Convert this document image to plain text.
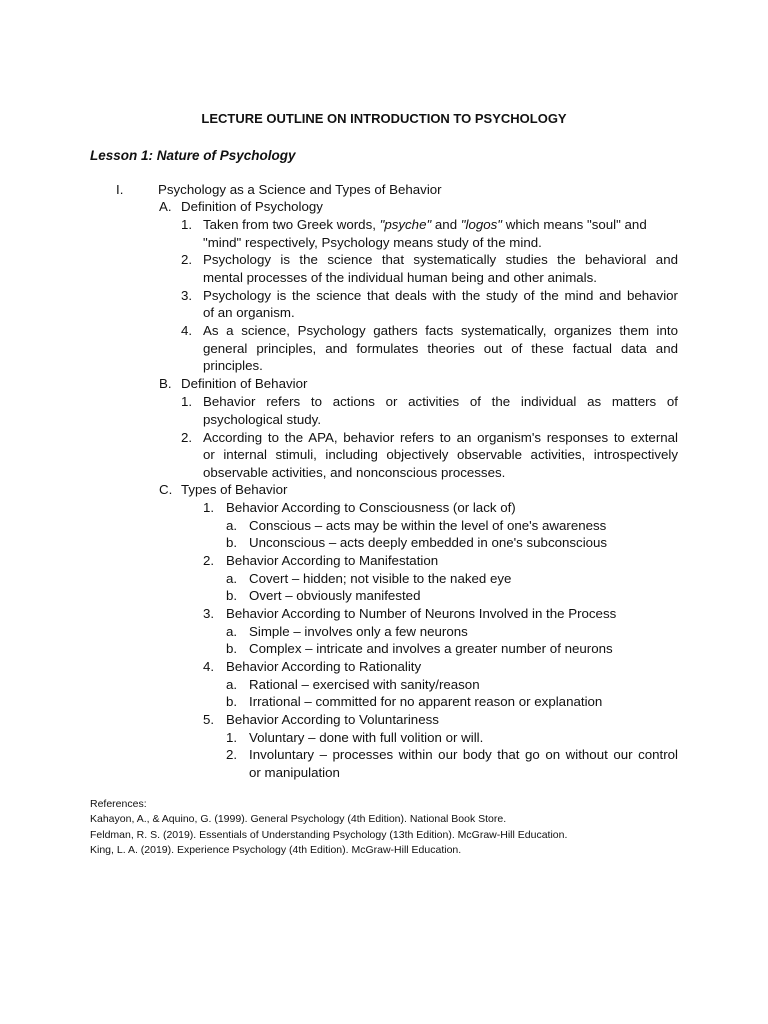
LECTURE OUTLINE ON INTRODUCTION TO PSYCHOLOGY
Lesson 1: Nature of Psychology
I.	Psychology as a Science and Types of Behavior
A. Definition of Psychology
1. Taken from two Greek words, "psyche" and "logos" which means "soul" and
"mind" respectively, Psychology means study of the mind.
2. Psychology is the science that systematically studies the behavioral and
mental processes of the individual human being and other animals.
3. Psychology is the science that deals with the study of the mind and behavior
of an organism.
4. As a science, Psychology gathers facts systematically, organizes them into
general principles, and formulates theories out of these factual data and
principles.
B. Definition of Behavior
1. Behavior refers to actions or activities of the individual as matters of
psychological study.
2. According to the APA, behavior refers to an organism's responses to external
or internal stimuli, including objectively observable activities, introspectively
observable activities, and nonconscious processes.
C. Types of Behavior
1. Behavior According to Consciousness (or lack of)
a. Conscious – acts may be within the level of one's awareness
b. Unconscious – acts deeply embedded in one's subconscious
2. Behavior According to Manifestation
a. Covert – hidden; not visible to the naked eye
b. Overt – obviously manifested
3. Behavior According to Number of Neurons Involved in the Process
a. Simple – involves only a few neurons
b. Complex – intricate and involves a greater number of neurons
4. Behavior According to Rationality
a. Rational – exercised with sanity/reason
b. Irrational – committed for no apparent reason or explanation
5. Behavior According to Voluntariness
1. Voluntary – done with full volition or will.
2. Involuntary – processes within our body that go on without our control
or manipulation
References:
Kahayon, A., & Aquino, G. (1999). General Psychology (4th Edition). National Book Store.
Feldman, R. S. (2019). Essentials of Understanding Psychology (13th Edition). McGraw-Hill Education.
King, L. A. (2019). Experience Psychology (4th Edition). McGraw-Hill Education.
